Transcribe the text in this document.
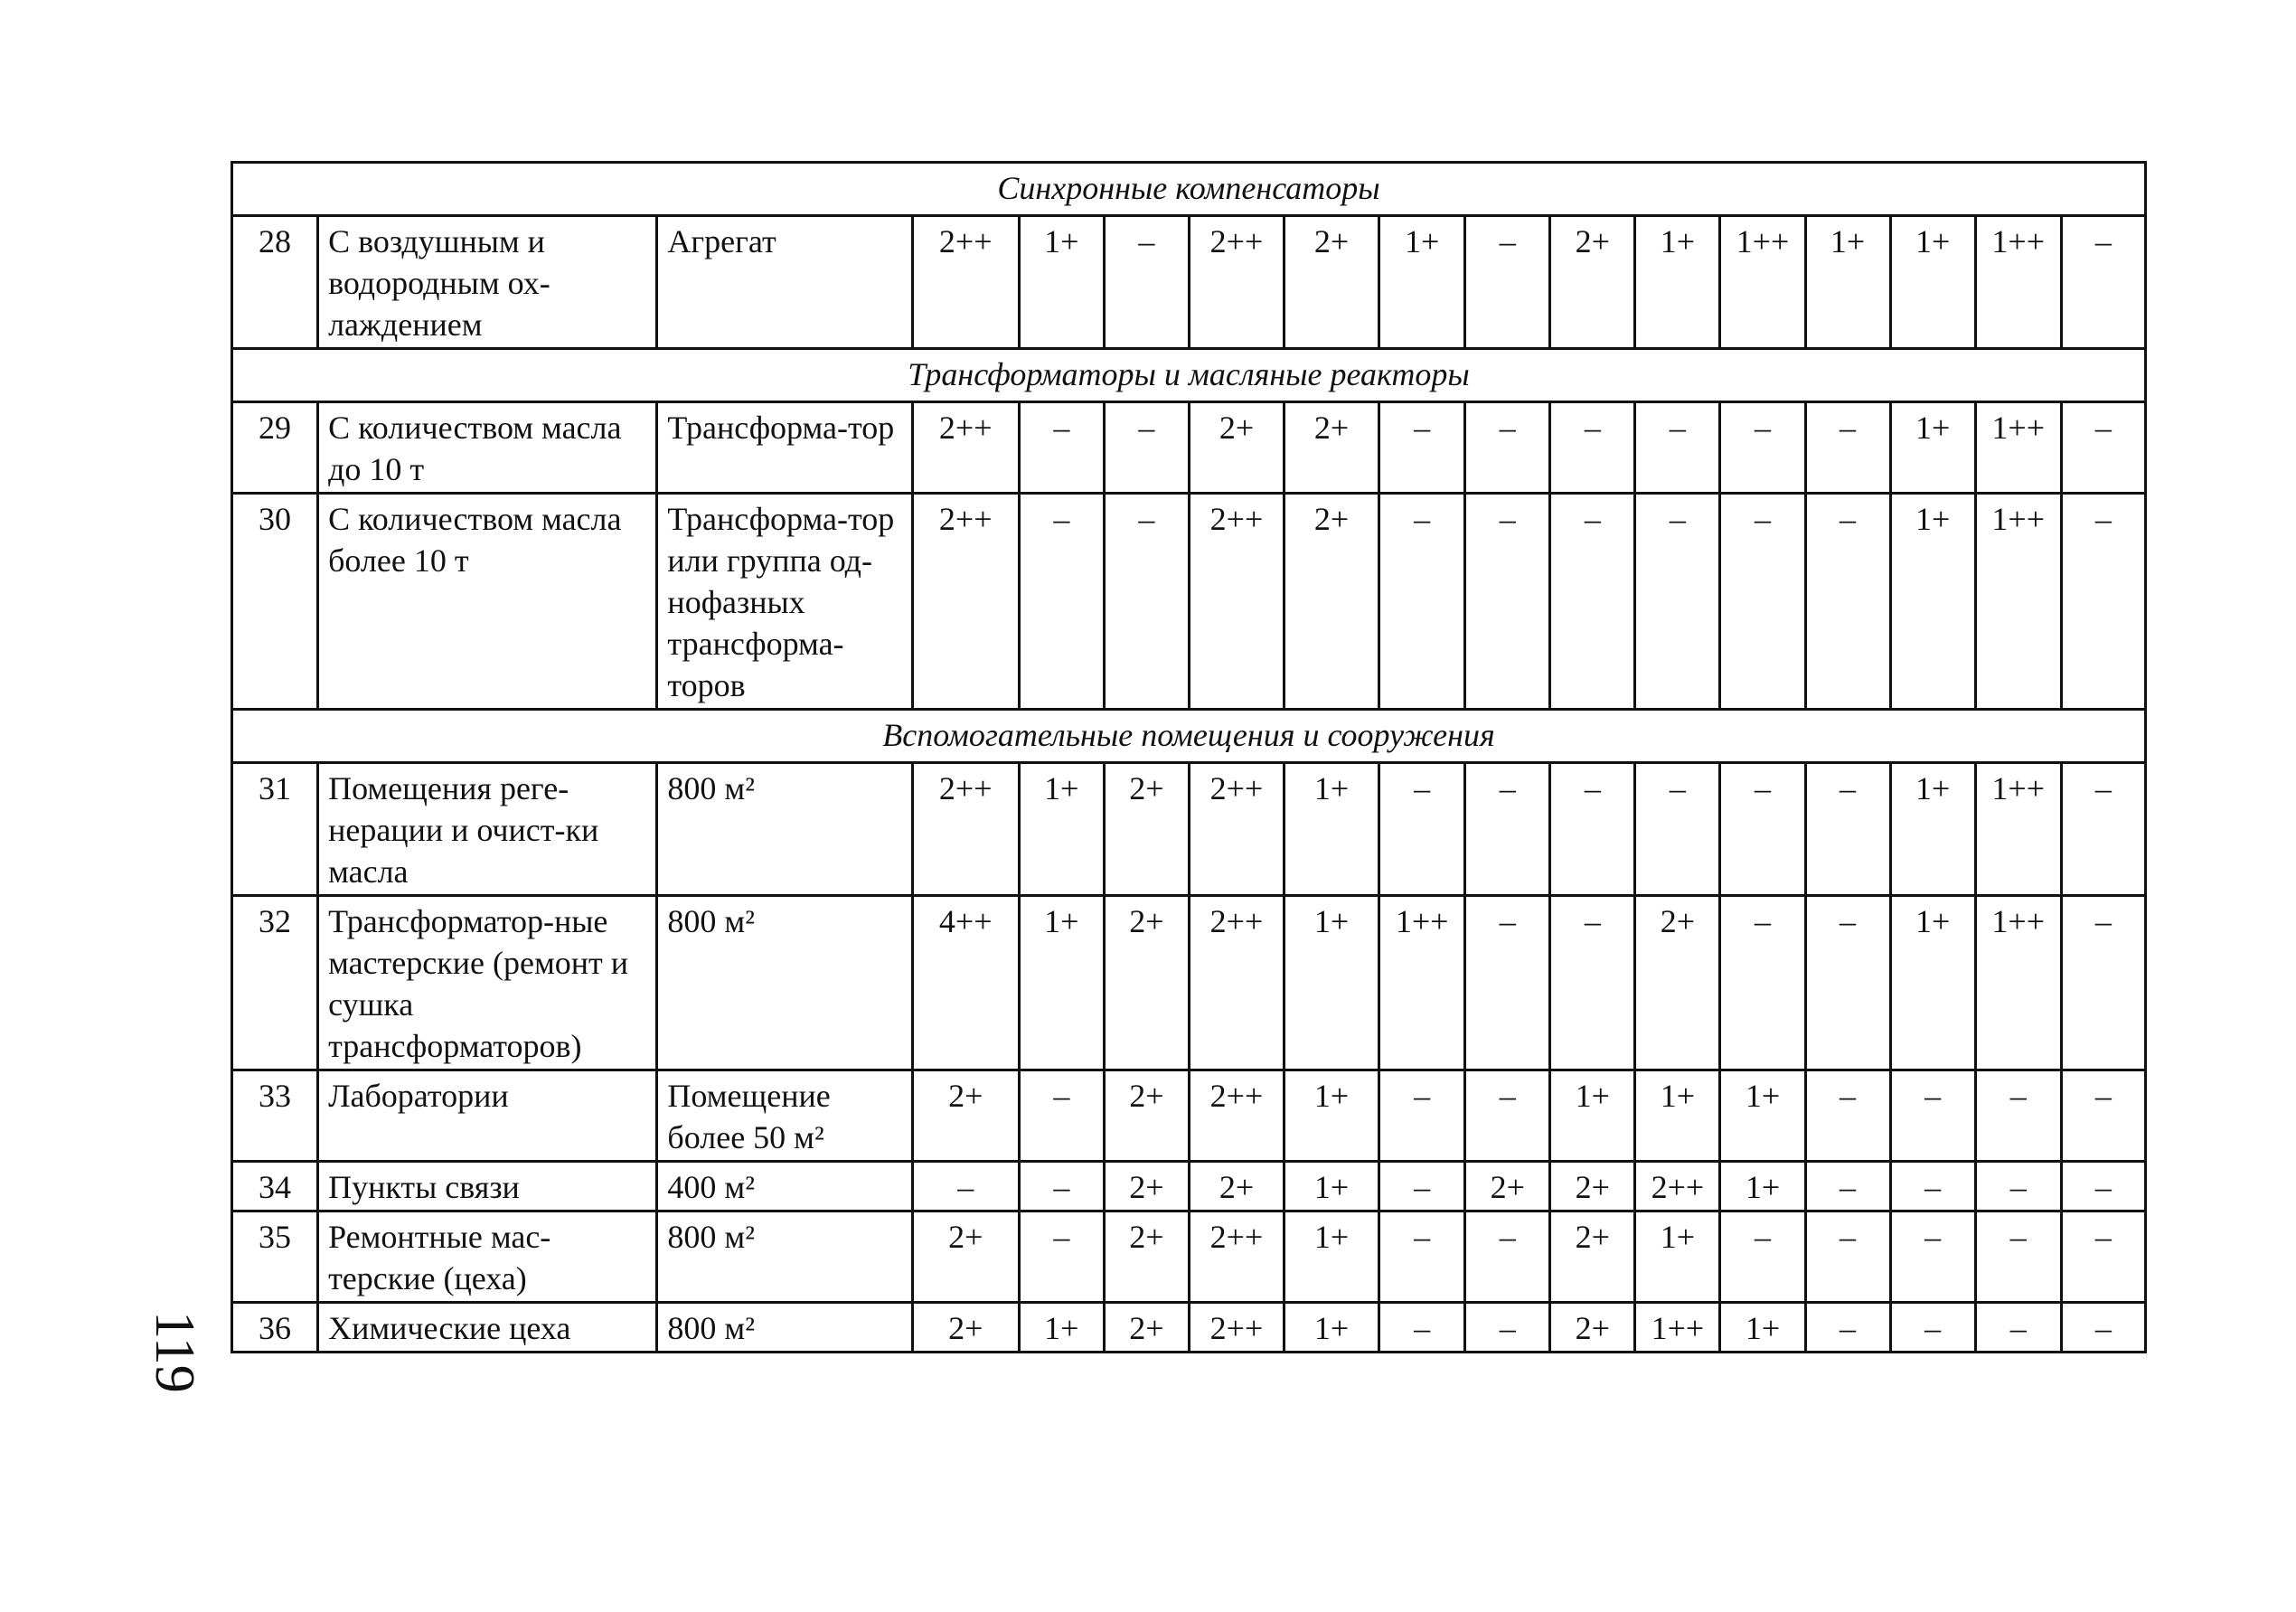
Синхронные компенсаторы																
28	С воздушным и водородным ох-лаждением	Агрегат	2++	1+	–	2++	2+	1+	–	2+	1+	1++	1+	1+	1++	–
Трансформаторы и масляные реакторы																
29	С количеством масла до 10 т	Трансформа-тор	2++	–	–	2+	2+	–	–	–	–	–	–	1+	1++	–
30	С количеством масла более 10 т	Трансформа-тор или группа од-нофазных трансформа-торов	2++	–	–	2++	2+	–	–	–	–	–	–	1+	1++	–
Вспомогательные помещения и сооружения																
31	Помещения реге-нерации и очист-ки масла	800 м²	2++	1+	2+	2++	1+	–	–	–	–	–	–	1+	1++	–
32	Трансформатор-ные мастерские (ремонт и сушка трансформаторов)	800 м²	4++	1+	2+	2++	1+	1++	–	–	2+	–	–	1+	1++	–
33	Лаборатории	Помещение более 50 м²	2+	–	2+	2++	1+	–	–	1+	1+	1+	–	–	–	–
34	Пункты связи	400 м²	–	–	2+	2+	1+	–	2+	2+	2++	1+	–	–	–	–
35	Ремонтные мас-терские (цеха)	800 м²	2+	–	2+	2++	1+	–	–	2+	1+	–	–	–	–	–
36	Химические цеха	800 м²	2+	1+	2+	2++	1+	–	–	2+	1++	1+	–	–	–	–
119
